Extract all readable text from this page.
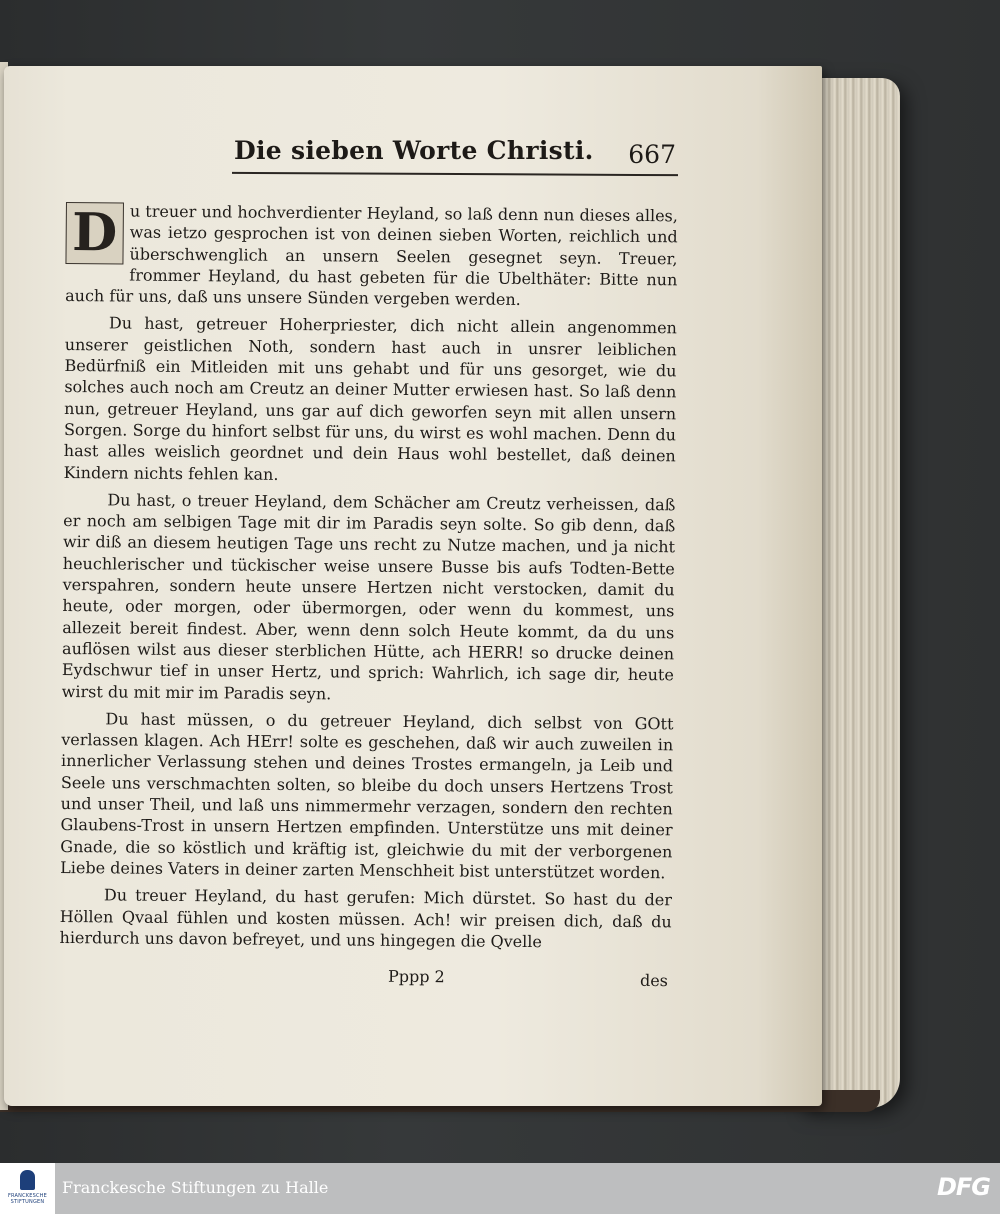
Die sieben Worte Christi. 667

D u treuer und hochverdienter Heyland, so laß denn nun dieses alles, was ietzo gesprochen ist von deinen sieben Worten, reichlich und überschwenglich an unsern Seelen gesegnet seyn. Treuer, frommer Heyland, du hast gebeten für die Ubelthäter: Bitte nun auch für uns, daß uns unsere Sünden vergeben werden.

Du hast, getreuer Hoherpriester, dich nicht allein angenommen unserer geistlichen Noth, sondern hast auch in unsrer leiblichen Bedürfniß ein Mitleiden mit uns gehabt und für uns gesorget, wie du solches auch noch am Creutz an deiner Mutter erwiesen hast. So laß denn nun, getreuer Heyland, uns gar auf dich geworfen seyn mit allen unsern Sorgen. Sorge du hinfort selbst für uns, du wirst es wohl machen. Denn du hast alles weislich geordnet und dein Haus wohl bestellet, daß deinen Kindern nichts fehlen kan.

Du hast, o treuer Heyland, dem Schächer am Creutz verheissen, daß er noch am selbigen Tage mit dir im Paradis seyn solte. So gib denn, daß wir diß an diesem heutigen Tage uns recht zu Nutze machen, und ja nicht heuchlerischer und tückischer weise unsere Busse bis aufs Todten-Bette verspahren, sondern heute unsere Hertzen nicht verstocken, damit du heute, oder morgen, oder übermorgen, oder wenn du kommest, uns allezeit bereit findest. Aber, wenn denn solch Heute kommt, da du uns auflösen wilst aus dieser sterblichen Hütte, ach HERR! so drucke deinen Eydschwur tief in unser Hertz, und sprich: Wahrlich, ich sage dir, heute wirst du mit mir im Paradis seyn.

Du hast müssen, o du getreuer Heyland, dich selbst von GOtt verlassen klagen. Ach HErr! solte es geschehen, daß wir auch zuweilen in innerlicher Verlassung stehen und deines Trostes ermangeln, ja Leib und Seele uns verschmachten solten, so bleibe du doch unsers Hertzens Trost und unser Theil, und laß uns nimmermehr verzagen, sondern den rechten Glaubens-Trost in unsern Hertzen empfinden. Unterstütze uns mit deiner Gnade, die so köstlich und kräftig ist, gleichwie du mit der verborgenen Liebe deines Vaters in deiner zarten Menschheit bist unterstützet worden.

Du treuer Heyland, du hast gerufen: Mich dürstet. So hast du der Höllen Qvaal fühlen und kosten müssen. Ach! wir preisen dich, daß du hierdurch uns davon befreyet, und uns hingegen die Qvelle

Pppp 2	des
FRANCKESCHE STIFTUNGEN
Franckesche Stiftungen zu Halle	DFG
